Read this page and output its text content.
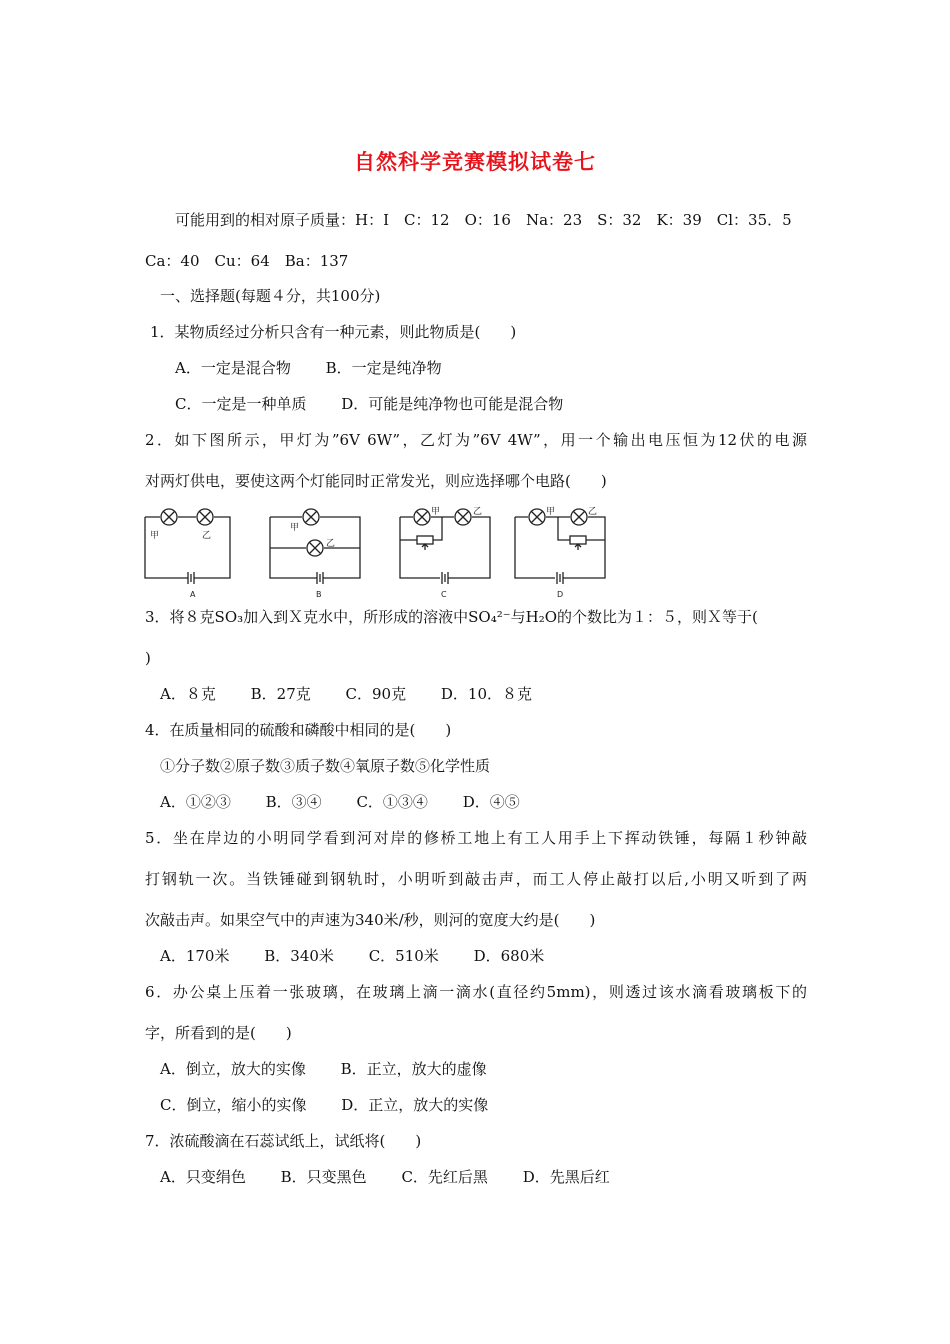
自然科学竞赛模拟试卷七
可能用到的相对原子质量：H：I　C：12　O：16　Na：23　S：32　K：39　Cl：35．5
Ca：40　Cu：64　Ba：137
一、选择题(每题４分，共100分)
1．某物质经过分析只含有一种元素，则此物质是(　　)
A．一定是混合物 B．一定是纯净物
C．一定是一种单质 D．可能是纯净物也可能是混合物
2．如下图所示，甲灯为”6V 6W”，乙灯为”6V 4W”，用一个输出电压恒为12伏的电源
对两灯供电，要使这两个灯能同时正常发光，则应选择哪个电路(　　)
甲	乙
甲
乙
甲	乙	甲	乙
A	B	C	D
3．将８克SO₃加入到Ｘ克水中，所形成的溶液中SO₄²⁻与H₂O的个数比为１：５，则Ｘ等于(
)
A．８克 B．27克 C．90克 D．10．８克
4．在质量相同的硫酸和磷酸中相同的是(　　)
①分子数②原子数③质子数④氧原子数⑤化学性质
A．①②③ B．③④ C．①③④ D．④⑤
5．坐在岸边的小明同学看到河对岸的修桥工地上有工人用手上下挥动铁锤，每隔１秒钟敲
打钢轨一次。当铁锤碰到钢轨时，小明听到敲击声，而工人停止敲打以后,小明又听到了两
次敲击声。如果空气中的声速为340米/秒，则河的宽度大约是(　　)
A．170米 B．340米 C．510米 D．680米
6．办公桌上压着一张玻璃，在玻璃上滴一滴水(直径约5mm)，则透过该水滴看玻璃板下的
字，所看到的是(　　)
A．倒立，放大的实像 B．正立，放大的虚像
C．倒立，缩小的实像 D．正立，放大的实像
7．浓硫酸滴在石蕊试纸上，试纸将(　　)
A．只变绢色 B．只变黑色 C．先红后黑 D．先黑后红
